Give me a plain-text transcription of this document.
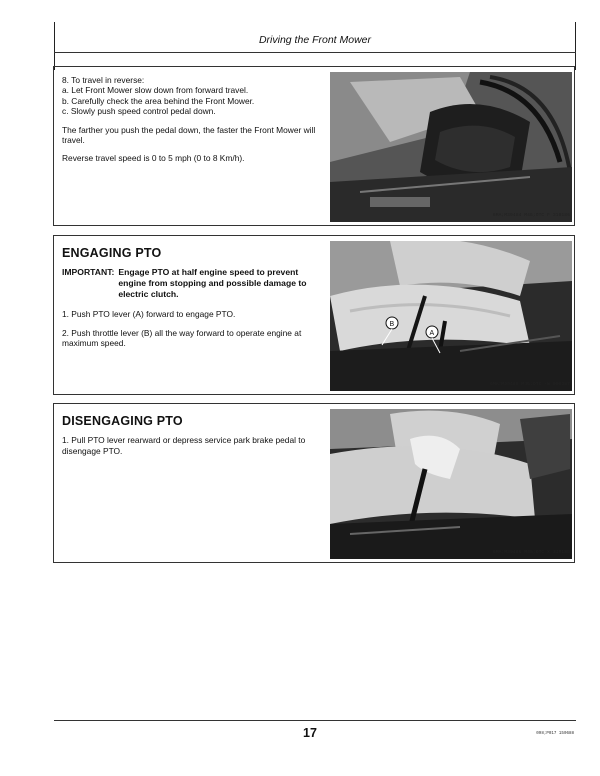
Driving the Front Mower

8. To travel in reverse:
a. Let Front Mower slow down from forward travel.
b. Carefully check the area behind the Front Mower.
c. Slowly push speed control pedal down.

The farther you push the pedal down, the faster the Front Mower will travel.

Reverse travel speed is 0 to 5 mph (0 to 8 Km/h).

6MA;M39484 M45;OTC F 310186
ENGAGING PTO
IMPORTANT: Engage PTO at half engine speed to prevent engine from stopping and possible damage to electric clutch.

1. Push PTO lever (A) forward to engage PTO.

2. Push throttle lever (B) all the way forward to operate engine at maximum speed.

B
A
6MA;M39485 M45;OTC -W 090387
DISENGAGING PTO

1. Pull PTO lever rearward or depress service park brake pedal to disengage PTO.

6MA;M39486 M45;OTC X 310186
17	098;P017 150688
